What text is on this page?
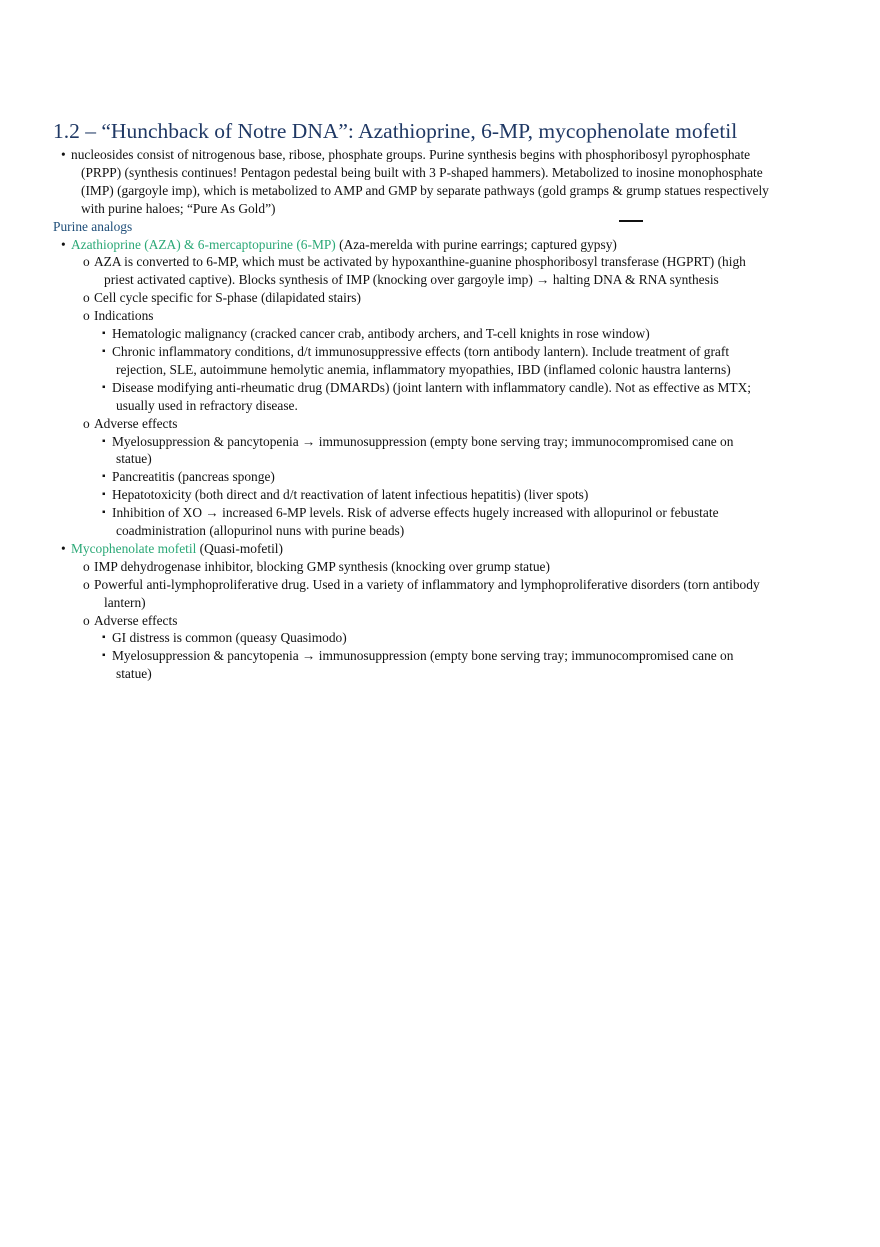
1.2 – “Hunchback of Notre DNA”: Azathioprine, 6-MP, mycophenolate mofetil
• nucleosides consist of nitrogenous base, ribose, phosphate groups. Purine synthesis begins with phosphoribosyl pyrophosphate
(PRPP) (synthesis continues! Pentagon pedestal being built with 3 P-shaped hammers). Metabolized to inosine monophosphate
(IMP) (gargoyle imp), which is metabolized to AMP and GMP by separate pathways (gold gramps & grump statues respectively
with purine haloes; “Pure As Gold”)
Purine analogs
• Azathioprine (AZA) & 6-mercaptopurine (6-MP) (Aza-merelda with purine earrings; captured gypsy)
o AZA is converted to 6-MP, which must be activated by hypoxanthine-guanine phosphoribosyl transferase (HGPRT) (high
priest activated captive). Blocks synthesis of IMP (knocking over gargoyle imp) → halting DNA & RNA synthesis
o Cell cycle specific for S-phase (dilapidated stairs)
o Indications
▪ Hematologic malignancy (cracked cancer crab, antibody archers, and T-cell knights in rose window)
▪ Chronic inflammatory conditions, d/t immunosuppressive effects (torn antibody lantern). Include treatment of graft
rejection, SLE, autoimmune hemolytic anemia, inflammatory myopathies, IBD (inflamed colonic haustra lanterns)
▪ Disease modifying anti-rheumatic drug (DMARDs) (joint lantern with inflammatory candle). Not as effective as MTX;
usually used in refractory disease.
o Adverse effects
▪ Myelosuppression & pancytopenia → immunosuppression (empty bone serving tray; immunocompromised cane on
statue)
▪ Pancreatitis (pancreas sponge)
▪ Hepatotoxicity (both direct and d/t reactivation of latent infectious hepatitis) (liver spots)
▪ Inhibition of XO → increased 6-MP levels. Risk of adverse effects hugely increased with allopurinol or febustate
coadministration (allopurinol nuns with purine beads)
• Mycophenolate mofetil (Quasi-mofetil)
o IMP dehydrogenase inhibitor, blocking GMP synthesis (knocking over grump statue)
o Powerful anti-lymphoproliferative drug. Used in a variety of inflammatory and lymphoproliferative disorders (torn antibody
lantern)
o Adverse effects
▪ GI distress is common (queasy Quasimodo)
▪ Myelosuppression & pancytopenia → immunosuppression (empty bone serving tray; immunocompromised cane on
statue)
